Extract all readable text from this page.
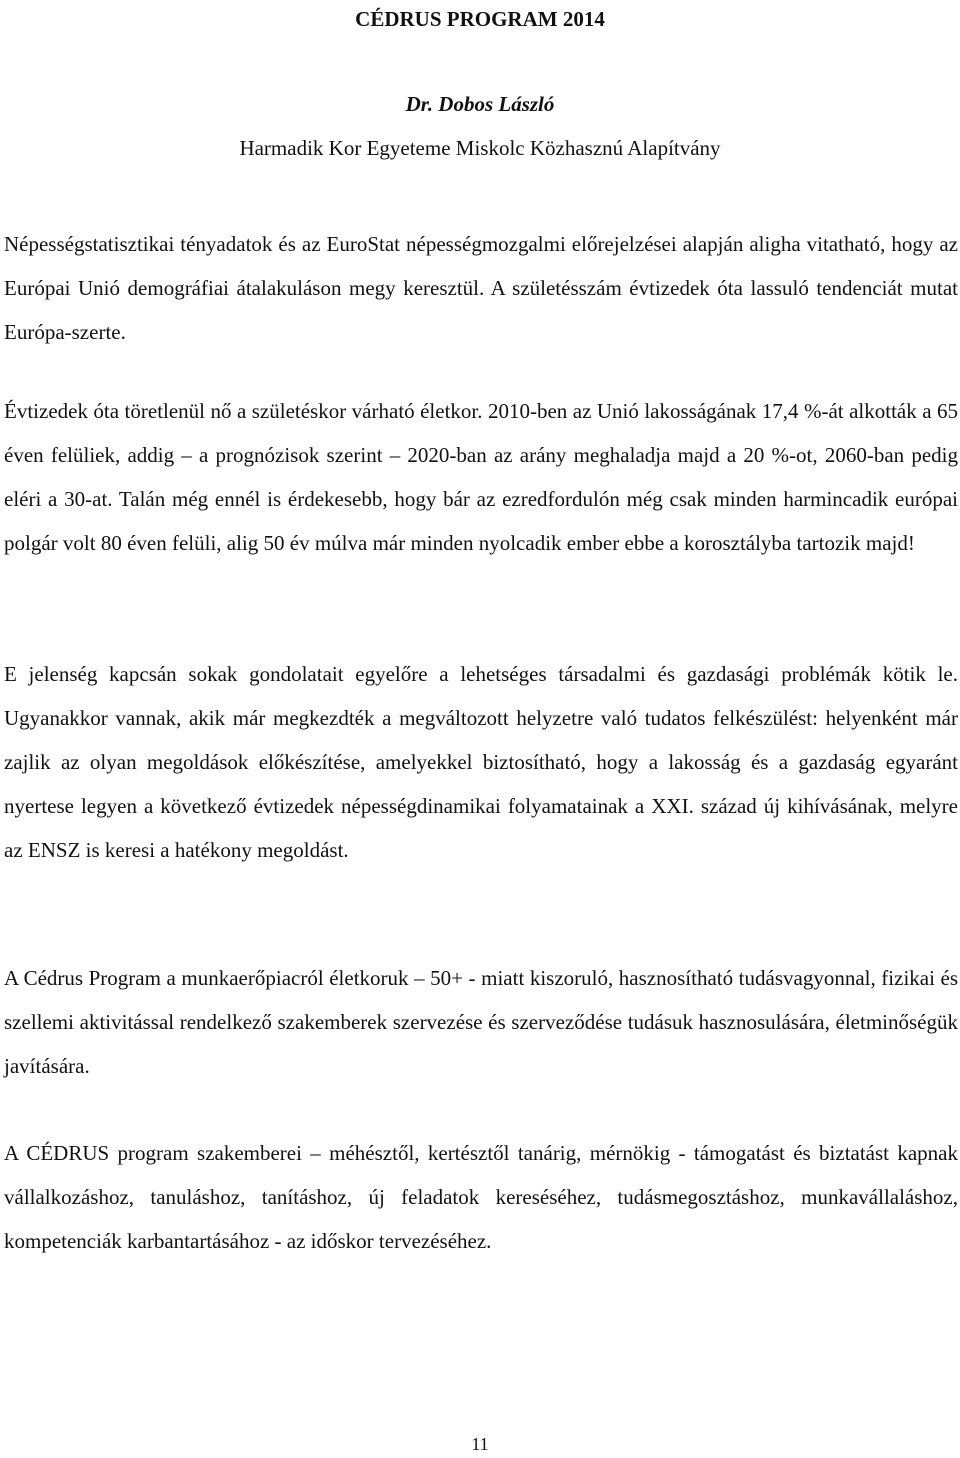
CÉDRUS PROGRAM 2014

Dr. Dobos László

Harmadik Kor Egyeteme Miskolc Közhasznú Alapítvány

Népességstatisztikai tényadatok és az EuroStat népességmozgalmi előrejelzései alapján aligha vitatható, hogy az Európai Unió demográfiai átalakuláson megy keresztül. A születésszám évtizedek óta lassuló tendenciát mutat Európa-szerte.

Évtizedek óta töretlenül nő a születéskor várható életkor. 2010-ben az Unió lakosságának 17,4 %-át alkották a 65 éven felüliek, addig – a prognózisok szerint – 2020-ban az arány meghaladja majd a 20 %-ot, 2060-ban pedig eléri a 30-at. Talán még ennél is érdekesebb, hogy bár az ezredfordulón még csak minden harmincadik európai polgár volt 80 éven felüli, alig 50 év múlva már minden nyolcadik ember ebbe a korosztályba tartozik majd!

E jelenség kapcsán sokak gondolatait egyelőre a lehetséges társadalmi és gazdasági problémák kötik le. Ugyanakkor vannak, akik már megkezdték a megváltozott helyzetre való tudatos felkészülést: helyenként már zajlik az olyan megoldások előkészítése, amelyekkel biztosítható, hogy a lakosság és a gazdaság egyaránt nyertese legyen a következő évtizedek népességdinamikai folyamatainak a XXI. század új kihívásának, melyre az ENSZ is keresi a hatékony megoldást.

A Cédrus Program a munkaerőpiacról életkoruk – 50+ - miatt kiszoruló, hasznosítható tudásvagyonnal, fizikai és szellemi aktivitással rendelkező szakemberek szervezése és szerveződése tudásuk hasznosulására, életminőségük javítására.

A CÉDRUS program szakemberei – méhésztől, kertésztől tanárig, mérnökig - támogatást és biztatást kapnak vállalkozáshoz, tanuláshoz, tanításhoz, új feladatok kereséséhez, tudásmegosztáshoz, munkavállaláshoz, kompetenciák karbantartásához - az időskor tervezéséhez.

11
